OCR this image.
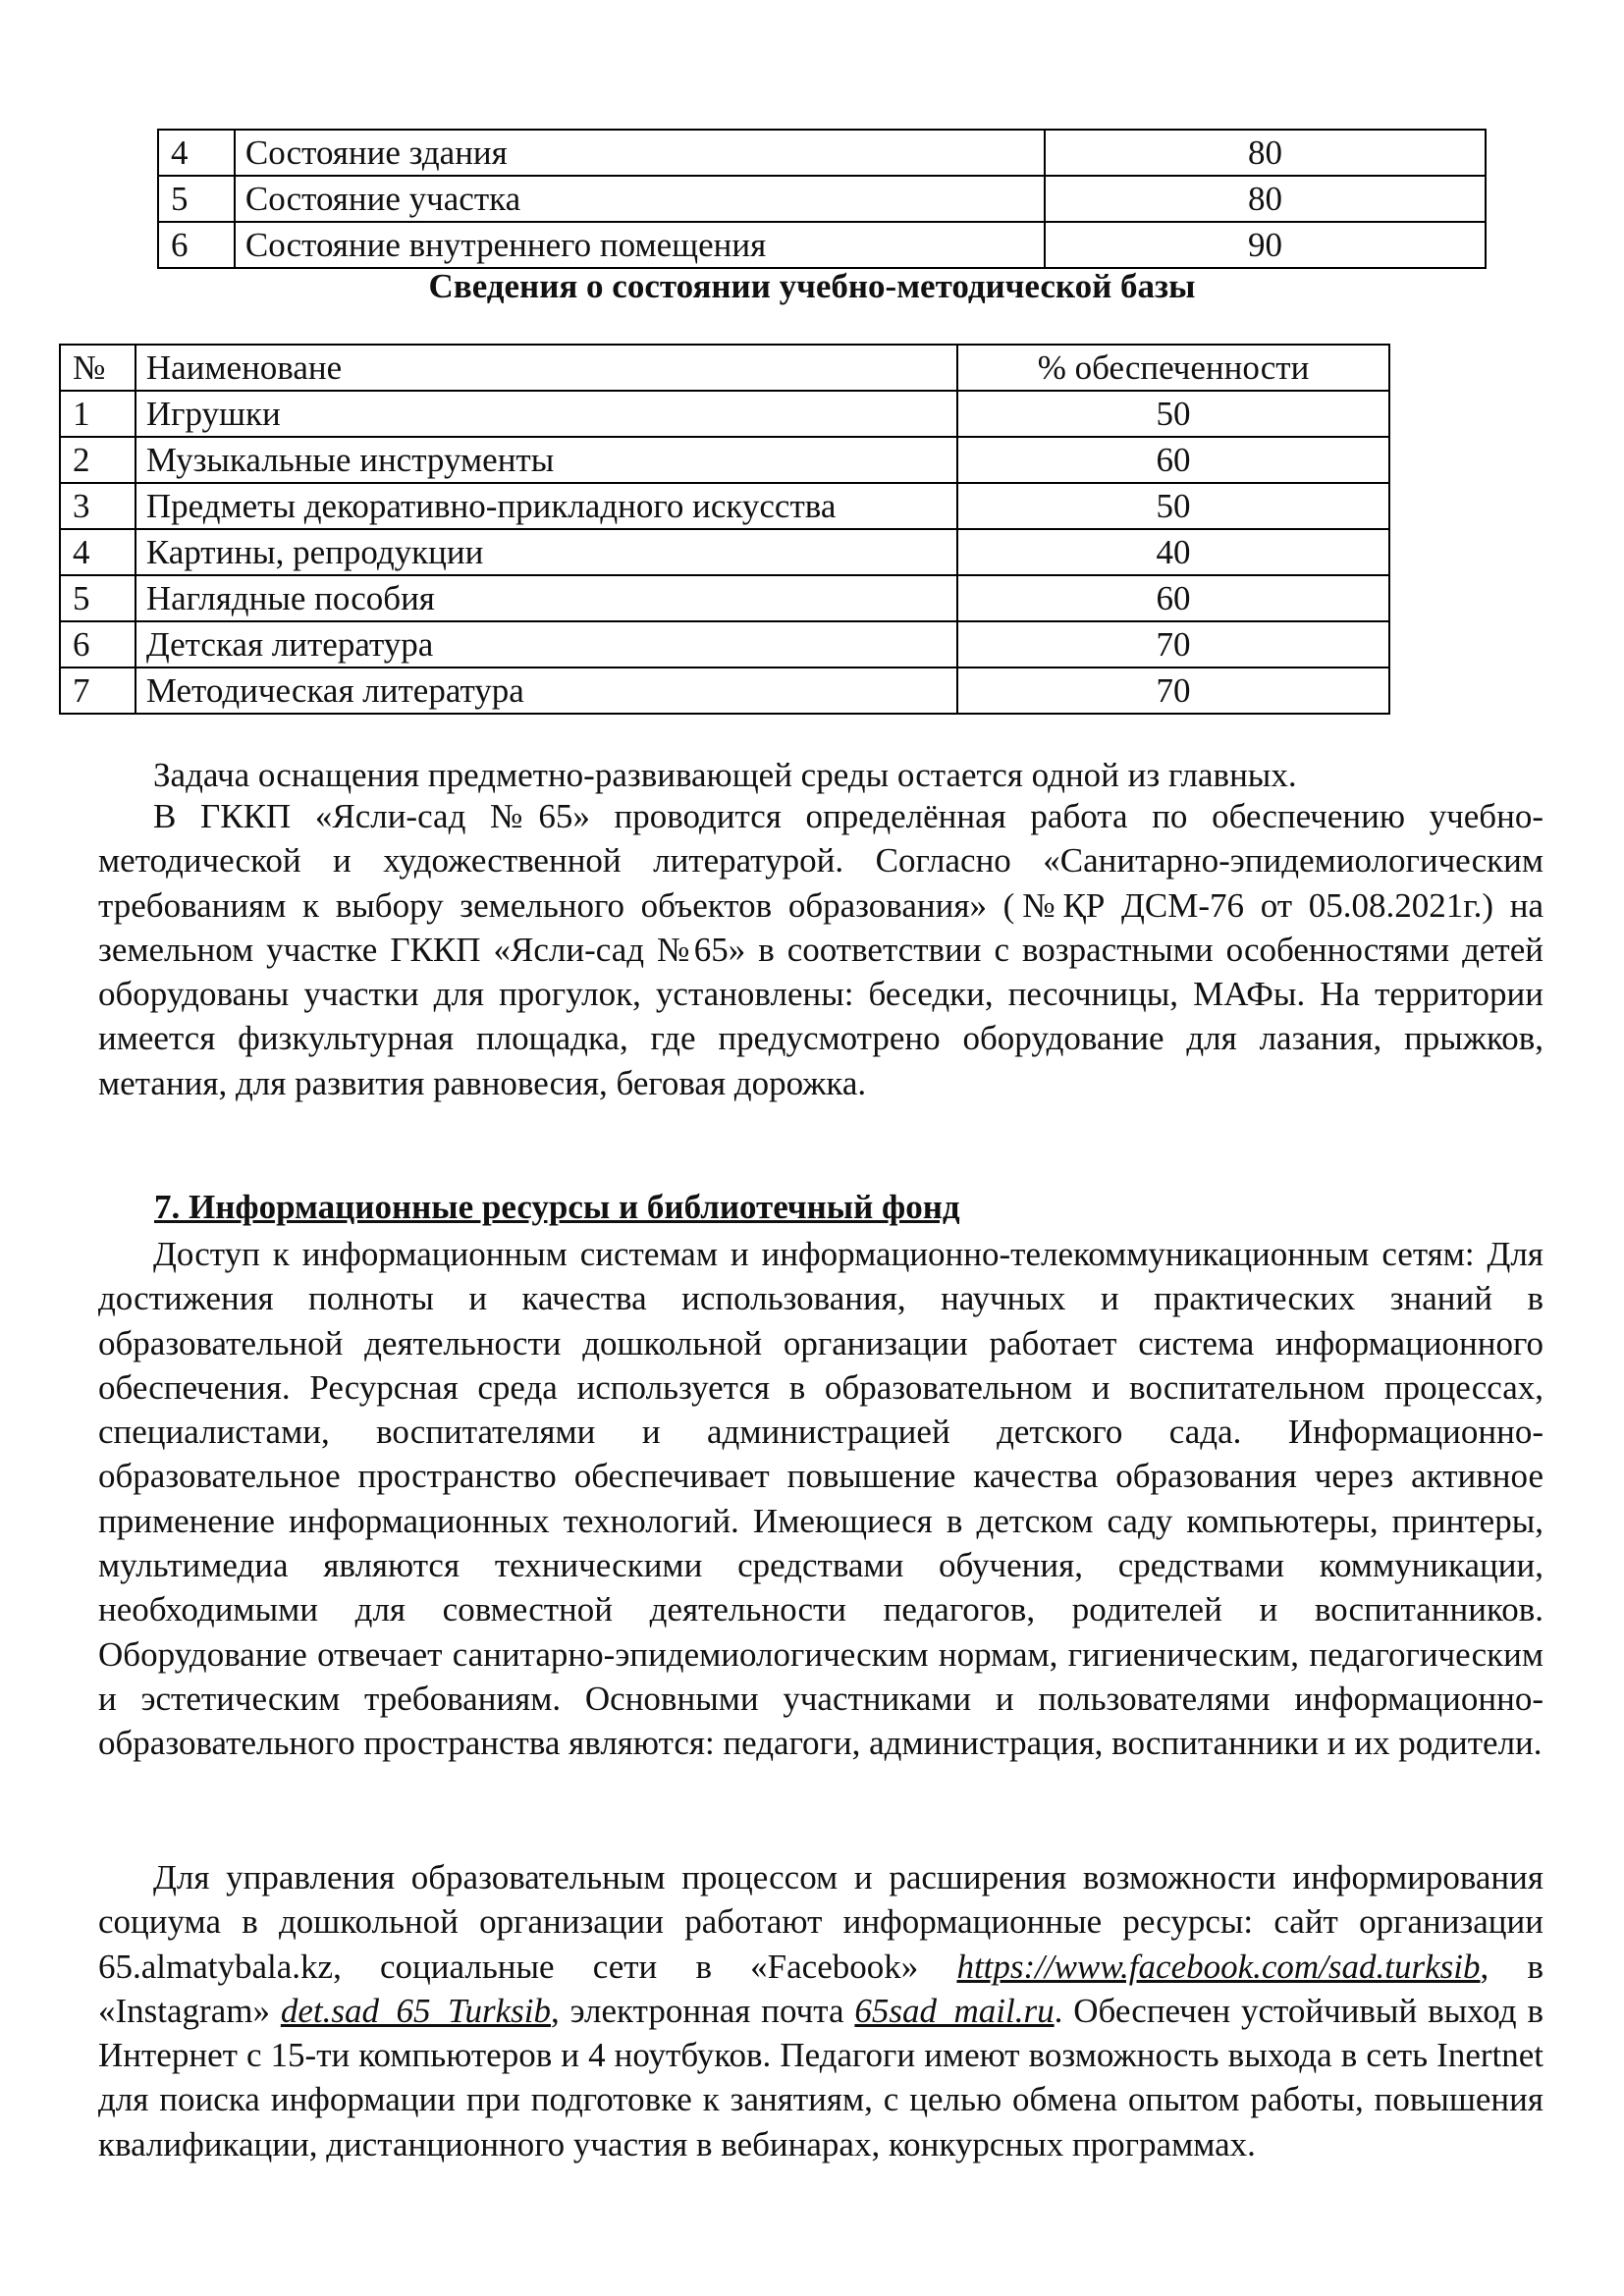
4	Состояние здания	80
5	Состояние участка	80
6	Состояние внутреннего помещения	90
Сведения о состоянии учебно-методической базы
№	Наименоване	% обеспеченности
1	Игрушки	50
2	Музыкальные инструменты	60
3	Предметы декоративно-прикладного искусства	50
4	Картины, репродукции	40
5	Наглядные пособия	60
6	Детская литература	70
7	Методическая литература	70

Задача оснащения предметно-развивающей среды остается одной из главных.

В ГККП «Ясли-сад №65» проводится определённая работа по обеспечению учебно-методической и художественной литературой. Согласно «Санитарно-эпидемиологическим требованиям к выбору земельного объектов образования» (№ҚР ДСМ-76 от 05.08.2021г.) на земельном участке ГККП «Ясли-сад №65» в соответствии с возрастными особенностями детей оборудованы участки для прогулок, установлены: беседки, песочницы, МАФы. На территории имеется физкультурная площадка, где предусмотрено оборудование для лазания, прыжков, метания, для развития равновесия, беговая дорожка.

7. Информационные ресурсы и библиотечный фонд

Доступ к информационным системам и информационно-телекоммуникационным сетям: Для достижения полноты и качества использования, научных и практических знаний в образовательной деятельности дошкольной организации работает система информационного обеспечения. Ресурсная среда используется в образовательном и воспитательном процессах, специалистами, воспитателями и администрацией детского сада. Информационно-образовательное пространство обеспечивает повышение качества образования через активное применение информационных технологий. Имеющиеся в детском саду компьютеры, принтеры, мультимедиа являются техническими средствами обучения, средствами коммуникации, необходимыми для совместной деятельности педагогов, родителей и воспитанников. Оборудование отвечает санитарно-эпидемиологическим нормам, гигиеническим, педагогическим и эстетическим требованиям. Основными участниками и пользователями информационно-образовательного пространства являются: педагоги, администрация, воспитанники и их родители.

Для управления образовательным процессом и расширения возможности информирования социума в дошкольной организации работают информационные ресурсы: сайт организации 65.almatybala.kz, социальные сети в «Facebook» https://www.facebook.com/sad.turksib, в «Instagram» det.sad_65_Turksib, электронная почта 65sad_mail.ru. Обеспечен устойчивый выход в Интернет с 15-ти компьютеров и 4 ноутбуков. Педагоги имеют возможность выхода в сеть Inertnet для поиска информации при подготовке к занятиям, с целью обмена опытом работы, повышения квалификации, дистанционного участия в вебинарах, конкурсных программах.
